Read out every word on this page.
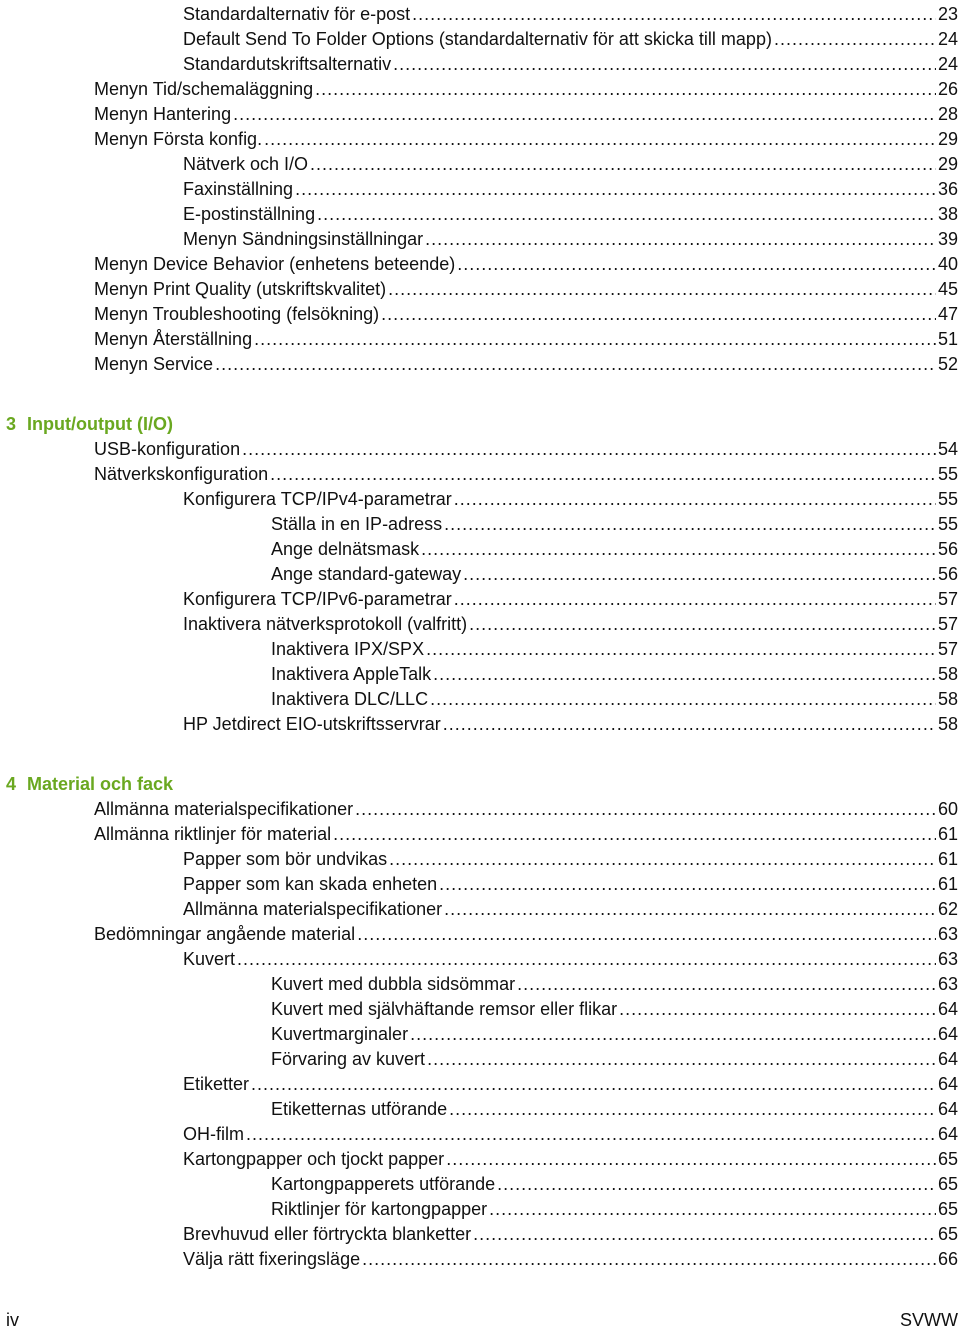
Standardalternativ för e-post .....	23
Default Send To Folder Options (standardalternativ för att skicka till mapp) .....	24
Standardutskriftsalternativ .....	24
Menyn Tid/schemaläggning .....	26
Menyn Hantering .....	28
Menyn Första konfig. .....	29
Nätverk och I/O .....	29
Faxinställning .....	36
E-postinställning .....	38
Menyn Sändningsinställningar .....	39
Menyn Device Behavior (enhetens beteende) .....	40
Menyn Print Quality (utskriftskvalitet) .....	45
Menyn Troubleshooting (felsökning) .....	47
Menyn Återställning .....	51
Menyn Service .....	52
3 Input/output (I/O)
USB-konfiguration .....	54
Nätverkskonfiguration .....	55
Konfigurera TCP/IPv4-parametrar .....	55
Ställa in en IP-adress .....	55
Ange delnätsmask .....	56
Ange standard-gateway .....	56
Konfigurera TCP/IPv6-parametrar .....	57
Inaktivera nätverksprotokoll (valfritt) .....	57
Inaktivera IPX/SPX .....	57
Inaktivera AppleTalk .....	58
Inaktivera DLC/LLC .....	58
HP Jetdirect EIO-utskriftsservrar .....	58
4 Material och fack
Allmänna materialspecifikationer .....	60
Allmänna riktlinjer för material .....	61
Papper som bör undvikas .....	61
Papper som kan skada enheten .....	61
Allmänna materialspecifikationer .....	62
Bedömningar angående material .....	63
Kuvert .....	63
Kuvert med dubbla sidsömmar .....	63
Kuvert med självhäftande remsor eller flikar .....	64
Kuvertmarginaler .....	64
Förvaring av kuvert .....	64
Etiketter .....	64
Etiketternas utförande .....	64
OH-film .....	64
Kartongpapper och tjockt papper .....	65
Kartongpapperets utförande .....	65
Riktlinjer för kartongpapper .....	65
Brevhuvud eller förtryckta blanketter .....	65
Välja rätt fixeringsläge .....	66
iv	SVWW
